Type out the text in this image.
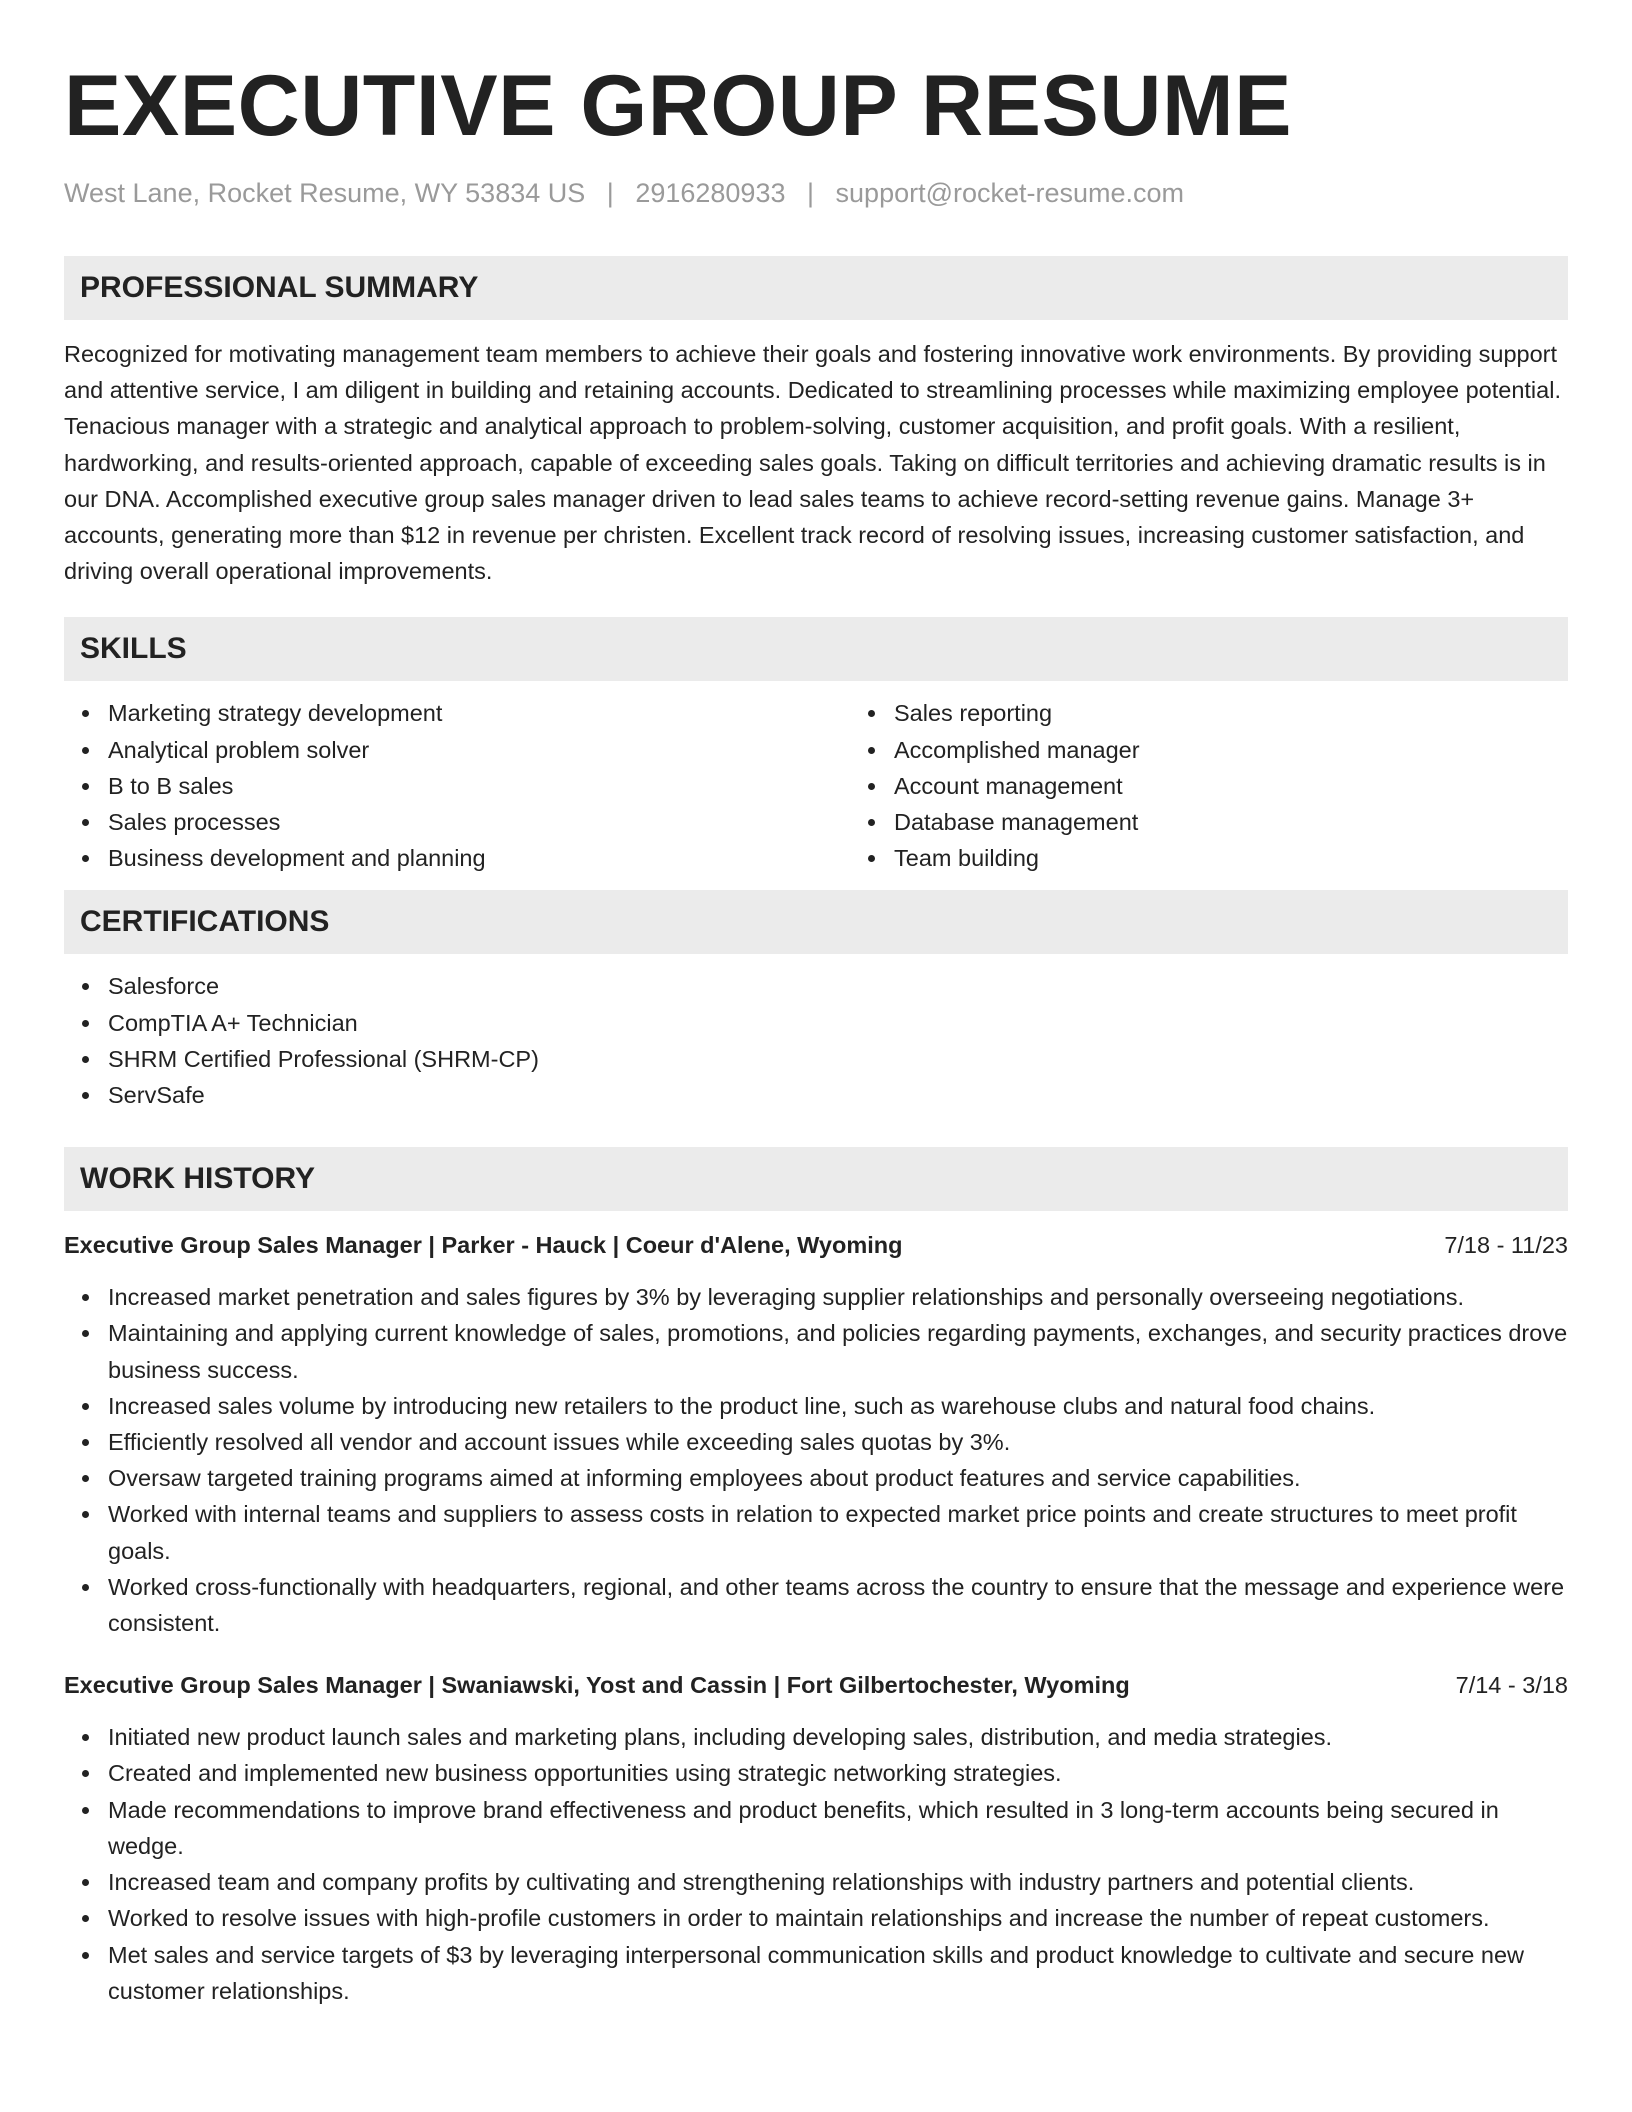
EXECUTIVE GROUP RESUME
West Lane, Rocket Resume, WY 53834 US | 2916280933 | support@rocket-resume.com
PROFESSIONAL SUMMARY

Recognized for motivating management team members to achieve their goals and fostering innovative work environments. By providing support and attentive service, I am diligent in building and retaining accounts. Dedicated to streamlining processes while maximizing employee potential. Tenacious manager with a strategic and analytical approach to problem-solving, customer acquisition, and profit goals. With a resilient, hardworking, and results-oriented approach, capable of exceeding sales goals. Taking on difficult territories and achieving dramatic results is in our DNA. Accomplished executive group sales manager driven to lead sales teams to achieve record-setting revenue gains. Manage 3+ accounts, generating more than $12 in revenue per christen. Excellent track record of resolving issues, increasing customer satisfaction, and driving overall operational improvements.

SKILLS
Marketing strategy development
Analytical problem solver
B to B sales
Sales processes
Business development and planning
Sales reporting
Accomplished manager
Account management
Database management
Team building
CERTIFICATIONS
Salesforce
CompTIA A+ Technician
SHRM Certified Professional (SHRM-CP)
ServSafe
WORK HISTORY
Executive Group Sales Manager | Parker - Hauck | Coeur d'Alene, Wyoming	7/18 - 11/23
Increased market penetration and sales figures by 3% by leveraging supplier relationships and personally overseeing negotiations.
Maintaining and applying current knowledge of sales, promotions, and policies regarding payments, exchanges, and security practices drove business success.
Increased sales volume by introducing new retailers to the product line, such as warehouse clubs and natural food chains.
Efficiently resolved all vendor and account issues while exceeding sales quotas by 3%.
Oversaw targeted training programs aimed at informing employees about product features and service capabilities.
Worked with internal teams and suppliers to assess costs in relation to expected market price points and create structures to meet profit goals.
Worked cross-functionally with headquarters, regional, and other teams across the country to ensure that the message and experience were consistent.
Executive Group Sales Manager | Swaniawski, Yost and Cassin | Fort Gilbertochester, Wyoming	7/14 - 3/18
Initiated new product launch sales and marketing plans, including developing sales, distribution, and media strategies.
Created and implemented new business opportunities using strategic networking strategies.
Made recommendations to improve brand effectiveness and product benefits, which resulted in 3 long-term accounts being secured in wedge.
Increased team and company profits by cultivating and strengthening relationships with industry partners and potential clients.
Worked to resolve issues with high-profile customers in order to maintain relationships and increase the number of repeat customers.
Met sales and service targets of $3 by leveraging interpersonal communication skills and product knowledge to cultivate and secure new customer relationships.
